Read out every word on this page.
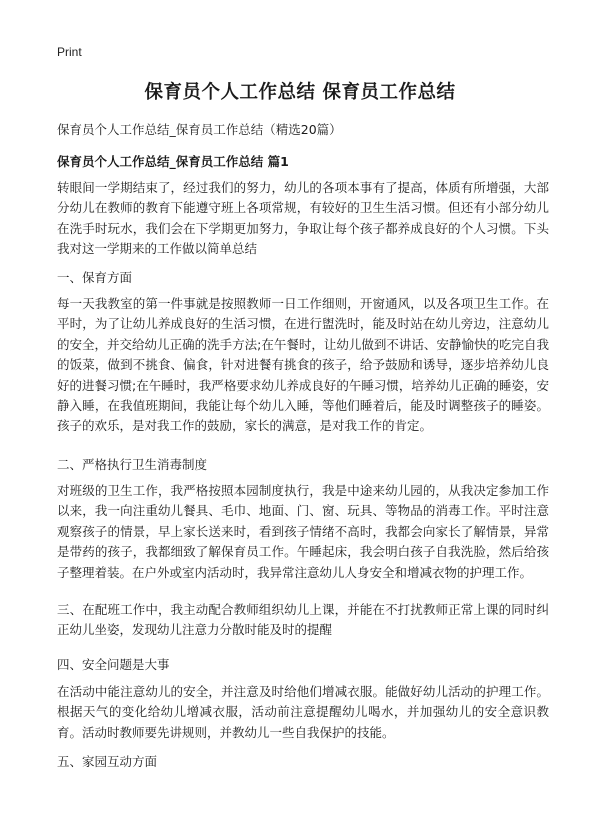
Print
保育员个人工作总结 保育员工作总结

保育员个人工作总结_保育员工作总结（精选20篇）

保育员个人工作总结_保育员工作总结 篇1

转眼间一学期结束了，经过我们的努力，幼儿的各项本事有了提高，体质有所增强，大部分幼儿在教师的教育下能遵守班上各项常规，有较好的卫生生活习惯。但还有小部分幼儿在洗手时玩水，我们会在下学期更加努力，争取让每个孩子都养成良好的个人习惯。下头我对这一学期来的工作做以简单总结

一、保育方面

每一天我教室的第一件事就是按照教师一日工作细则，开窗通风，以及各项卫生工作。在平时，为了让幼儿养成良好的生活习惯，在进行盥洗时，能及时站在幼儿旁边，注意幼儿的安全，并交给幼儿正确的洗手方法;在午餐时，让幼儿做到不讲话、安静愉快的吃完自我的饭菜，做到不挑食、偏食，针对进餐有挑食的孩子，给予鼓励和诱导，逐步培养幼儿良好的进餐习惯;在午睡时，我严格要求幼儿养成良好的午睡习惯，培养幼儿正确的睡姿，安静入睡，在我值班期间，我能让每个幼儿入睡，等他们睡着后，能及时调整孩子的睡姿。孩子的欢乐，是对我工作的鼓励，家长的满意，是对我工作的肯定。

二、严格执行卫生消毒制度

对班级的卫生工作，我严格按照本园制度执行，我是中途来幼儿园的，从我决定参加工作以来，我一向注重幼儿餐具、毛巾、地面、门、窗、玩具、等物品的消毒工作。平时注意观察孩子的情景，早上家长送来时，看到孩子情绪不高时，我都会向家长了解情景，异常是带药的孩子，我都细致了解保育员工作。午睡起床，我会明白孩子自我洗脸，然后给孩子整理着装。在户外或室内活动时，我异常注意幼儿人身安全和增减衣物的护理工作。

三、在配班工作中，我主动配合教师组织幼儿上课，并能在不打扰教师正常上课的同时纠正幼儿坐姿，发现幼儿注意力分散时能及时的提醒

四、安全问题是大事

在活动中能注意幼儿的安全，并注意及时给他们增减衣服。能做好幼儿活动的护理工作。根据天气的变化给幼儿增减衣服，活动前注意提醒幼儿喝水，并加强幼儿的安全意识教育。活动时教师要先讲规则，并教幼儿一些自我保护的技能。

五、家园互动方面
